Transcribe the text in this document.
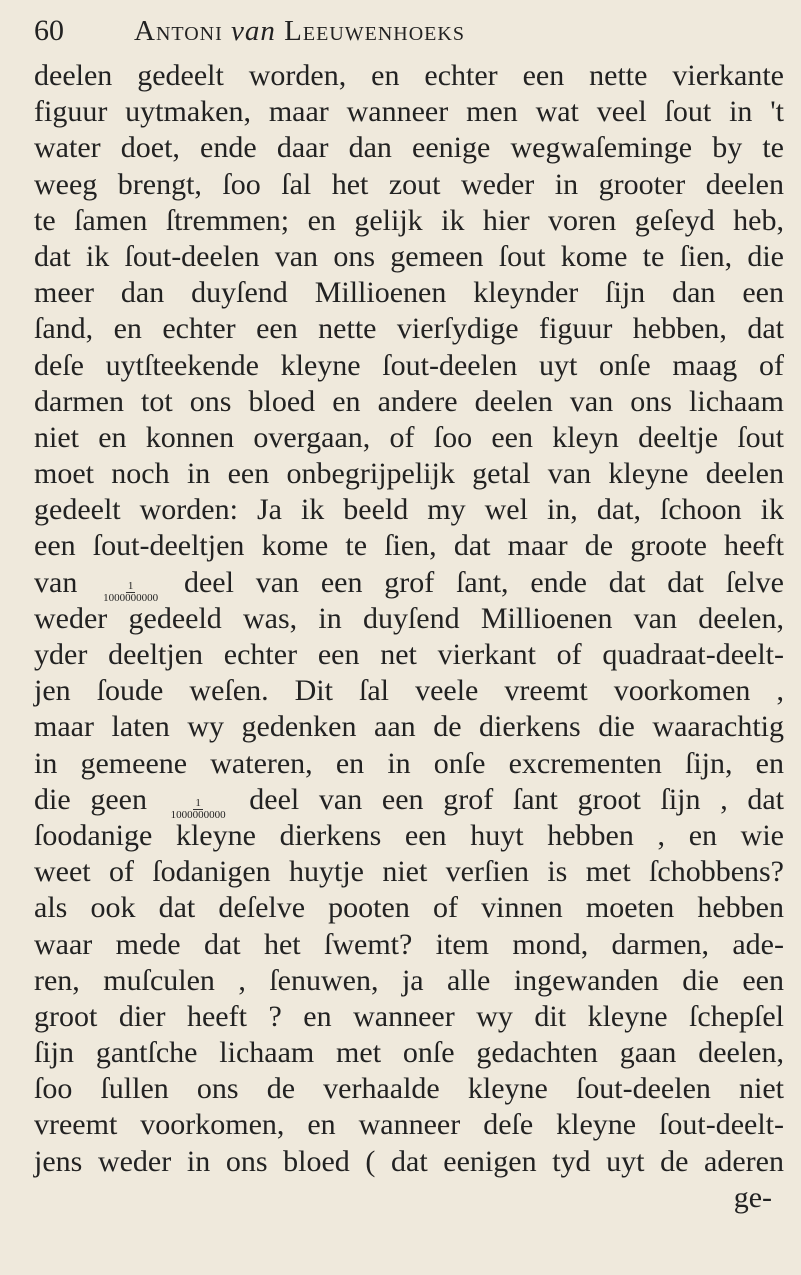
60 Antoni van Leeuwenhoeks
deelen gedeelt worden, en echter een nette vierkante
figuur uytmaken, maar wanneer men wat veel ſout in 't
water doet, ende daar dan eenige wegwaſeminge by te
weeg brengt, ſoo ſal het zout weder in grooter deelen
te ſamen ſtremmen; en gelijk ik hier voren geſeyd heb,
dat ik ſout-deelen van ons gemeen ſout kome te ſien, die
meer dan duyſend Millioenen kleynder ſijn dan een
ſand, en echter een nette vierſydige figuur hebben, dat
deſe uytſteekende kleyne ſout-deelen uyt onſe maag of
darmen tot ons bloed en andere deelen van ons lichaam
niet en konnen overgaan, of ſoo een kleyn deeltje ſout
moet noch in een onbegrijpelijk getal van kleyne deelen
gedeelt worden: Ja ik beeld my wel in, dat, ſchoon ik
een ſout-deeltjen kome te ſien, dat maar de groote heeft
van $\frac{1}{1000000000}$ deel van een grof ſant, ende dat dat ſelve
weder gedeeld was, in duyſend Millioenen van deelen,
yder deeltjen echter een net vierkant of quadraat-deelt-
jen ſoude weſen. Dit ſal veele vreemt voorkomen ,
maar laten wy gedenken aan de dierkens die waarachtig
in gemeene wateren, en in onſe excrementen ſijn, en
die geen $\frac{1}{1000000000}$ deel van een grof ſant groot ſijn , dat
ſoodanige kleyne dierkens een huyt hebben , en wie
weet of ſodanigen huytje niet verſien is met ſchobbens?
als ook dat deſelve pooten of vinnen moeten hebben
waar mede dat het ſwemt? item mond, darmen, ade-
ren, muſculen , ſenuwen, ja alle ingewanden die een
groot dier heeft ? en wanneer wy dit kleyne ſchepſel
ſijn gantſche lichaam met onſe gedachten gaan deelen,
ſoo ſullen ons de verhaalde kleyne ſout-deelen niet
vreemt voorkomen, en wanneer deſe kleyne ſout-deelt-
jens weder in ons bloed ( dat eenigen tyd uyt de aderen
ge-
